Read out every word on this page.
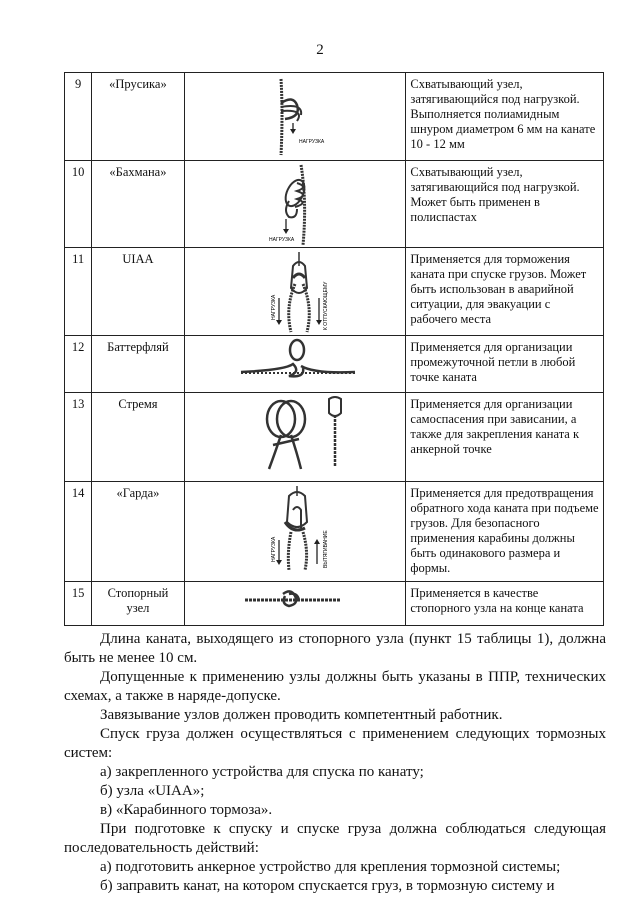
2
9	«Прусика»	НАГРУЗКА	Схватывающий узел, затягивающийся под нагрузкой. Выполняется полиамидным шнуром диаметром 6 мм на канате 10 - 12 мм
10	«Бахмана»	НАГРУЗКА	Схватывающий узел, затягивающийся под нагрузкой. Может быть применен в полиспастах
11	UIAA	НАГРУЗКА К ОТПУСКАЮЩЕМУ	Применяется для торможения каната при спуске грузов. Может быть использован в аварийной ситуации, для эвакуации с рабочего места
12	Баттерфляй		Применяется для организации промежуточной петли в любой точке каната
13	Стремя		Применяется для организации самоспасения при зависании, а также для закрепления каната к анкерной точке
14	«Гарда»	НАГРУЗКА ВЫТЯГИВАНИЕ	Применяется для предотвращения обратного хода каната при подъеме грузов. Для безопасного применения карабины должны быть одинакового размера и формы.
15	Стопорный узел		Применяется в качестве стопорного узла на конце каната

Длина каната, выходящего из стопорного узла (пункт 15 таблицы 1), должна быть не менее 10 см.

Допущенные к применению узлы должны быть указаны в ППР, технических схемах, а также в наряде-допуске.

Завязывание узлов должен проводить компетентный работник.

Спуск груза должен осуществляться с применением следующих тормозных систем:

а) закрепленного устройства для спуска по канату;

б) узла «UIAA»;

в) «Карабинного тормоза».

При подготовке к спуску и спуске груза должна соблюдаться следующая последовательность действий:

а) подготовить анкерное устройство для крепления тормозной системы;

б) заправить канат, на котором спускается груз, в тормозную систему и
